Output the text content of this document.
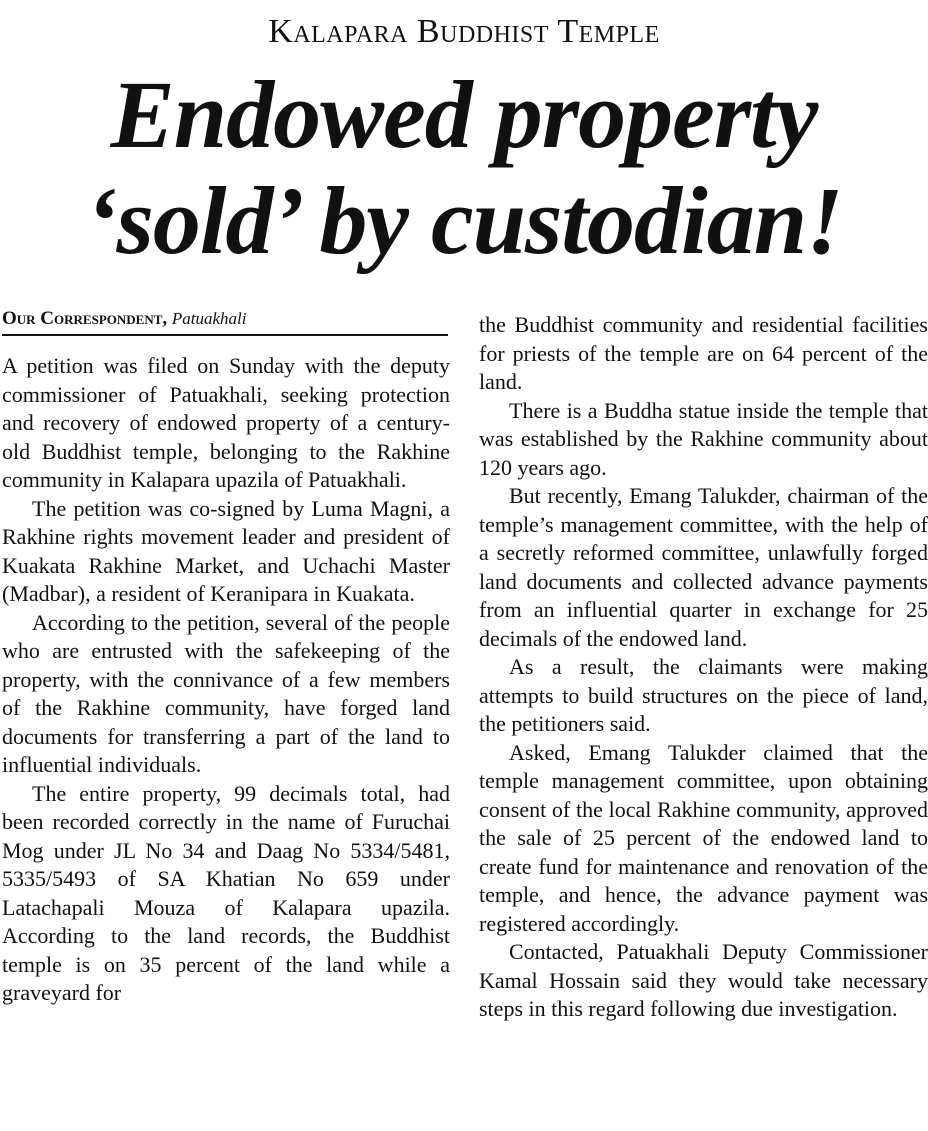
Kalapara Buddhist Temple
Endowed property
‘sold’ by custodian!
Our Correspondent, Patuakhali

A petition was filed on Sunday with the deputy commissioner of Patuakhali, seeking protection and recovery of endowed property of a century-old Buddhist temple, belonging to the Rakhine community in Kalapara upazila of Patuakhali.

The petition was co-signed by Luma Magni, a Rakhine rights movement leader and president of Kuakata Rakhine Market, and Uchachi Master (Madbar), a resident of Keranipara in Kuakata.

According to the petition, several of the people who are entrusted with the safekeeping of the property, with the connivance of a few members of the Rakhine community, have forged land documents for transferring a part of the land to influential individuals.

The entire property, 99 decimals total, had been recorded correctly in the name of Furuchai Mog under JL No 34 and Daag No 5334/5481, 5335/5493 of SA Khatian No 659 under Latachapali Mouza of Kalapara upazila. According to the land records, the Buddhist temple is on 35 percent of the land while a graveyard for

the Buddhist community and residential facilities for priests of the temple are on 64 percent of the land.

There is a Buddha statue inside the temple that was established by the Rakhine community about 120 years ago.

But recently, Emang Talukder, chairman of the temple’s management committee, with the help of a secretly reformed committee, unlawfully forged land documents and collected advance payments from an influential quarter in exchange for 25 decimals of the endowed land.

As a result, the claimants were making attempts to build structures on the piece of land, the petitioners said.

Asked, Emang Talukder claimed that the temple management committee, upon obtaining consent of the local Rakhine community, approved the sale of 25 percent of the endowed land to create fund for maintenance and renovation of the temple, and hence, the advance payment was registered accordingly.

Contacted, Patuakhali Deputy Commissioner Kamal Hossain said they would take necessary steps in this regard following due investigation.
